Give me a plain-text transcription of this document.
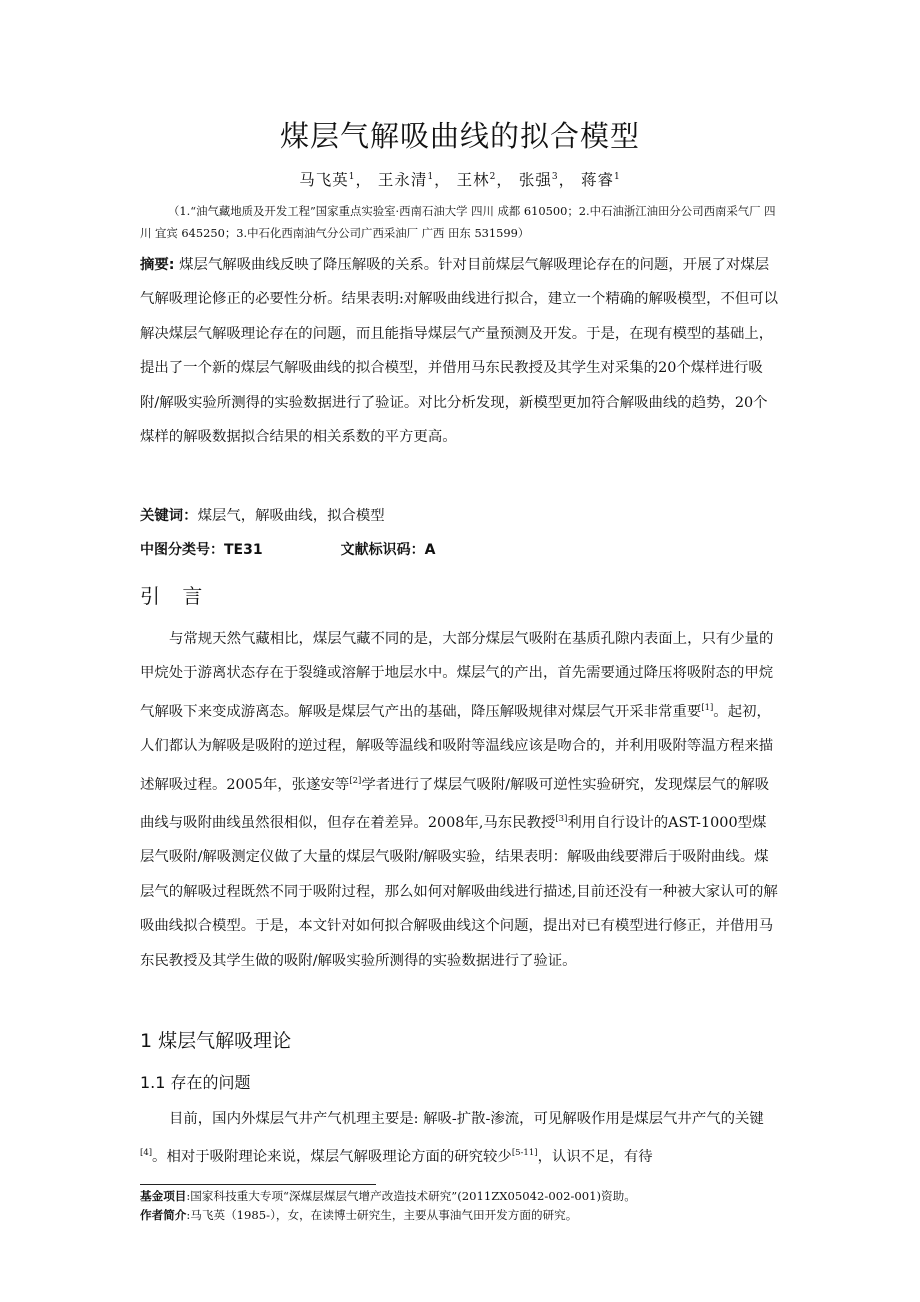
煤层气解吸曲线的拟合模型
马飞英$^1$， 王永清$^1$， 王林$^2$， 张强$^3$， 蒋睿$^1$
（1.“油气藏地质及开发工程”国家重点实验室·西南石油大学 四川 成都 610500；2.中石油浙江油田分公司西南采气厂 四川 宜宾 645250；3.中石化西南油气分公司广西采油厂 广西 田东 531599）
摘要: 煤层气解吸曲线反映了降压解吸的关系。针对目前煤层气解吸理论存在的问题，开展了对煤层气解吸理论修正的必要性分析。结果表明:对解吸曲线进行拟合，建立一个精确的解吸模型，不但可以解决煤层气解吸理论存在的问题，而且能指导煤层气产量预测及开发。于是，在现有模型的基础上，提出了一个新的煤层气解吸曲线的拟合模型，并借用马东民教授及其学生对采集的20个煤样进行吸附/解吸实验所测得的实验数据进行了验证。对比分析发现，新模型更加符合解吸曲线的趋势，20个煤样的解吸数据拟合结果的相关系数的平方更高。
关键词：煤层气，解吸曲线，拟合模型
中图分类号：TE31	文献标识码：A
引 言
与常规天然气藏相比，煤层气藏不同的是，大部分煤层气吸附在基质孔隙内表面上，只有少量的甲烷处于游离状态存在于裂缝或溶解于地层水中。煤层气的产出，首先需要通过降压将吸附态的甲烷气解吸下来变成游离态。解吸是煤层气产出的基础，降压解吸规律对煤层气开采非常重要[1]。起初，人们都认为解吸是吸附的逆过程，解吸等温线和吸附等温线应该是吻合的，并利用吸附等温方程来描述解吸过程。2005年，张遂安等[2]学者进行了煤层气吸附/解吸可逆性实验研究，发现煤层气的解吸曲线与吸附曲线虽然很相似，但存在着差异。2008年,马东民教授[3]利用自行设计的AST-1000型煤层气吸附/解吸测定仪做了大量的煤层气吸附/解吸实验，结果表明：解吸曲线要滞后于吸附曲线。煤层气的解吸过程既然不同于吸附过程，那么如何对解吸曲线进行描述,目前还没有一种被大家认可的解吸曲线拟合模型。于是，本文针对如何拟合解吸曲线这个问题，提出对已有模型进行修正，并借用马东民教授及其学生做的吸附/解吸实验所测得的实验数据进行了验证。
1 煤层气解吸理论
1.1 存在的问题
目前，国内外煤层气井产气机理主要是: 解吸-扩散-渗流，可见解吸作用是煤层气井产气的关键[4]。相对于吸附理论来说，煤层气解吸理论方面的研究较少[5-11]，认识不足，有待
基金项目:国家科技重大专项“深煤层煤层气增产改造技术研究”(2011ZX05042-002-001)资助。
作者简介:马飞英（1985-），女，在读博士研究生，主要从事油气田开发方面的研究。
